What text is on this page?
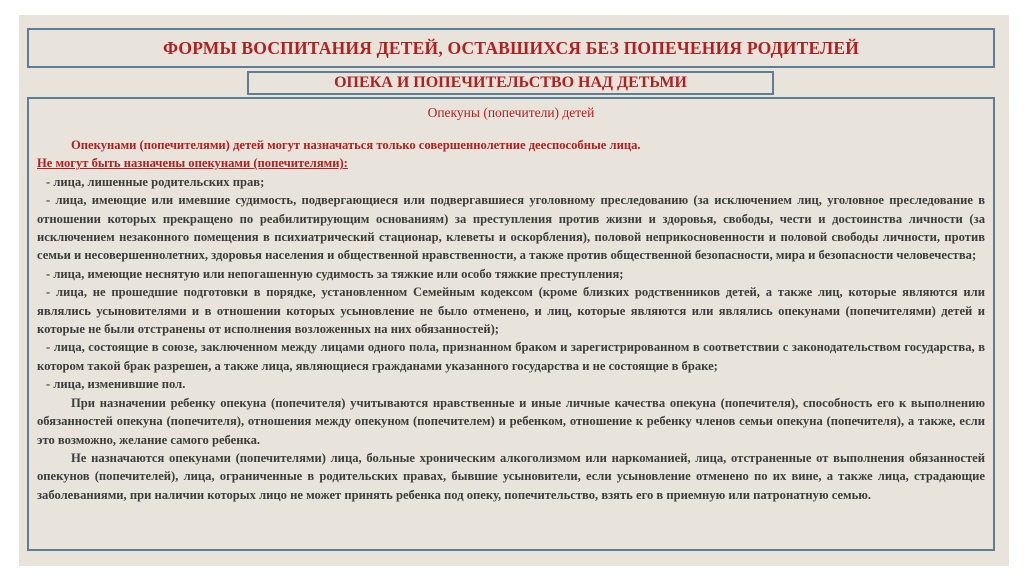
ФОРМЫ ВОСПИТАНИЯ ДЕТЕЙ, ОСТАВШИХСЯ БЕЗ ПОПЕЧЕНИЯ РОДИТЕЛЕЙ
ОПЕКА И ПОПЕЧИТЕЛЬСТВО НАД ДЕТЬМИ

Опекуны (попечители) детей

Опекунами (попечителями) детей могут назначаться только совершеннолетние дееспособные лица.

Не могут быть назначены опекунами (попечителями):

- лица, лишенные родительских прав;

- лица, имеющие или имевшие судимость, подвергающиеся или подвергавшиеся уголовному преследованию (за исключением лиц, уголовное преследование в отношении которых прекращено по реабилитирующим основаниям) за преступления против жизни и здоровья, свободы, чести и достоинства личности (за исключением незаконного помещения в психиатрический стационар, клеветы и оскорбления), половой неприкосновенности и половой свободы личности, против семьи и несовершеннолетних, здоровья населения и общественной нравственности, а также против общественной безопасности, мира и безопасности человечества;

- лица, имеющие неснятую или непогашенную судимость за тяжкие или особо тяжкие преступления;

- лица, не прошедшие подготовки в порядке, установленном Семейным кодексом (кроме близких родственников детей, а также лиц, которые являются или являлись усыновителями и в отношении которых усыновление не было отменено, и лиц, которые являются или являлись опекунами (попечителями) детей и которые не были отстранены от исполнения возложенных на них обязанностей);

- лица, состоящие в союзе, заключенном между лицами одного пола, признанном браком и зарегистрированном в соответствии с законодательством государства, в котором такой брак разрешен, а также лица, являющиеся гражданами указанного государства и не состоящие в браке;

- лица, изменившие пол.

При назначении ребенку опекуна (попечителя) учитываются нравственные и иные личные качества опекуна (попечителя), способность его к выполнению обязанностей опекуна (попечителя), отношения между опекуном (попечителем) и ребенком, отношение к ребенку членов семьи опекуна (попечителя), а также, если это возможно, желание самого ребенка.

Не назначаются опекунами (попечителями) лица, больные хроническим алкоголизмом или наркоманией, лица, отстраненные от выполнения обязанностей опекунов (попечителей), лица, ограниченные в родительских правах, бывшие усыновители, если усыновление отменено по их вине, а также лица, страдающие заболеваниями, при наличии которых лицо не может принять ребенка под опеку, попечительство, взять его в приемную или патронатную семью.
